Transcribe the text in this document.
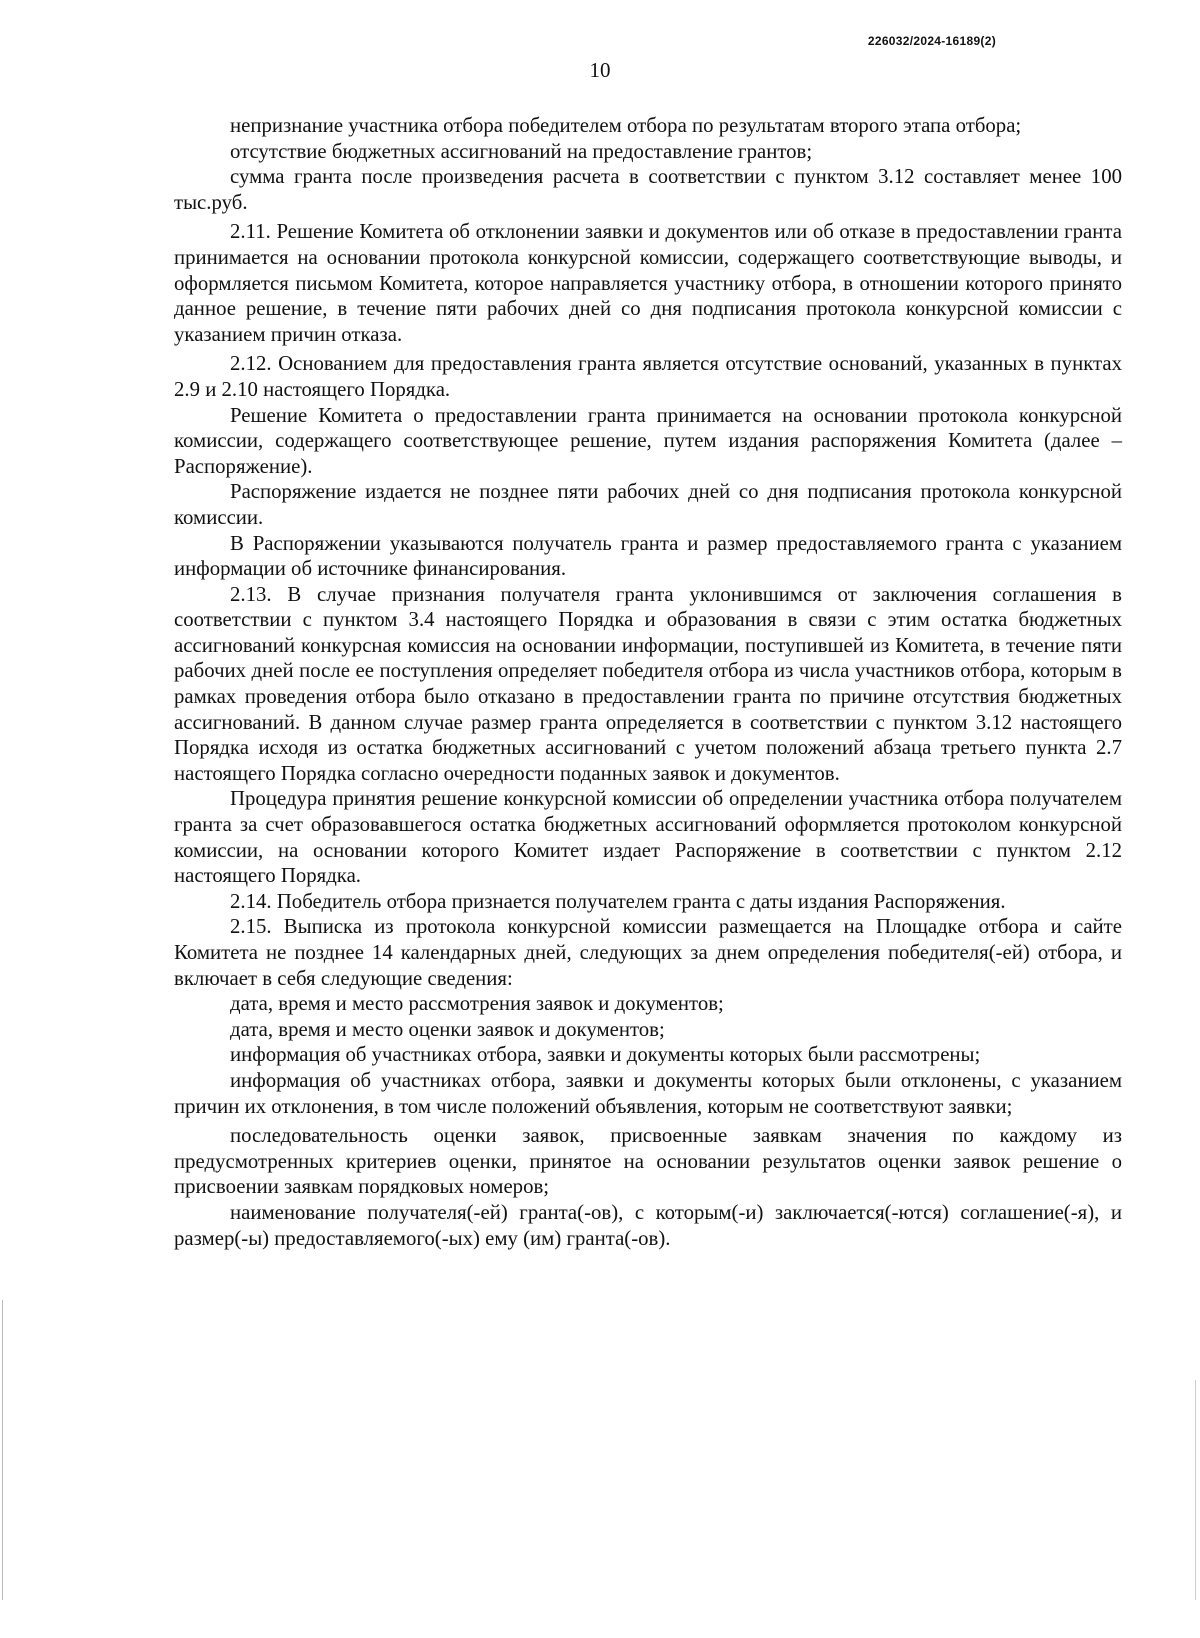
226032/2024-16189(2)
10

непризнание участника отбора победителем отбора по результатам второго этапа отбора;

отсутствие бюджетных ассигнований на предоставление грантов;

сумма гранта после произведения расчета в соответствии с пунктом 3.12 составляет менее 100 тыс.руб.

2.11. Решение Комитета об отклонении заявки и документов или об отказе в предоставлении гранта принимается на основании протокола конкурсной комиссии, содержащего соответствующие выводы, и оформляется письмом Комитета, которое направляется участнику отбора, в отношении которого принято данное решение, в течение пяти рабочих дней со дня подписания протокола конкурсной комиссии с указанием причин отказа.

2.12. Основанием для предоставления гранта является отсутствие оснований, указанных в пунктах 2.9 и 2.10 настоящего Порядка.

Решение Комитета о предоставлении гранта принимается на основании протокола конкурсной комиссии, содержащего соответствующее решение, путем издания распоряжения Комитета (далее – Распоряжение).

Распоряжение издается не позднее пяти рабочих дней со дня подписания протокола конкурсной комиссии.

В Распоряжении указываются получатель гранта и размер предоставляемого гранта с указанием информации об источнике финансирования.

2.13. В случае признания получателя гранта уклонившимся от заключения соглашения в соответствии с пунктом 3.4 настоящего Порядка и образования в связи с этим остатка бюджетных ассигнований конкурсная комиссия на основании информации, поступившей из Комитета, в течение пяти рабочих дней после ее поступления определяет победителя отбора из числа участников отбора, которым в рамках проведения отбора было отказано в предоставлении гранта по причине отсутствия бюджетных ассигнований. В данном случае размер гранта определяется в соответствии с пунктом 3.12 настоящего Порядка исходя из остатка бюджетных ассигнований с учетом положений абзаца третьего пункта 2.7 настоящего Порядка согласно очередности поданных заявок и документов.

Процедура принятия решение конкурсной комиссии об определении участника отбора получателем гранта за счет образовавшегося остатка бюджетных ассигнований оформляется протоколом конкурсной комиссии, на основании которого Комитет издает Распоряжение в соответствии с пунктом 2.12 настоящего Порядка.

2.14. Победитель отбора признается получателем гранта с даты издания Распоряжения.

2.15. Выписка из протокола конкурсной комиссии размещается на Площадке отбора и сайте Комитета не позднее 14 календарных дней, следующих за днем определения победителя(-ей) отбора, и включает в себя следующие сведения:

дата, время и место рассмотрения заявок и документов;

дата, время и место оценки заявок и документов;

информация об участниках отбора, заявки и документы которых были рассмотрены;

информация об участниках отбора, заявки и документы которых были отклонены, с указанием причин их отклонения, в том числе положений объявления, которым не соответствуют заявки;

последовательность оценки заявок, присвоенные заявкам значения по каждому из предусмотренных критериев оценки, принятое на основании результатов оценки заявок решение о присвоении заявкам порядковых номеров;

наименование получателя(-ей) гранта(-ов), с которым(-и) заключается(-ются) соглашение(-я), и размер(-ы) предоставляемого(-ых) ему (им) гранта(-ов).
